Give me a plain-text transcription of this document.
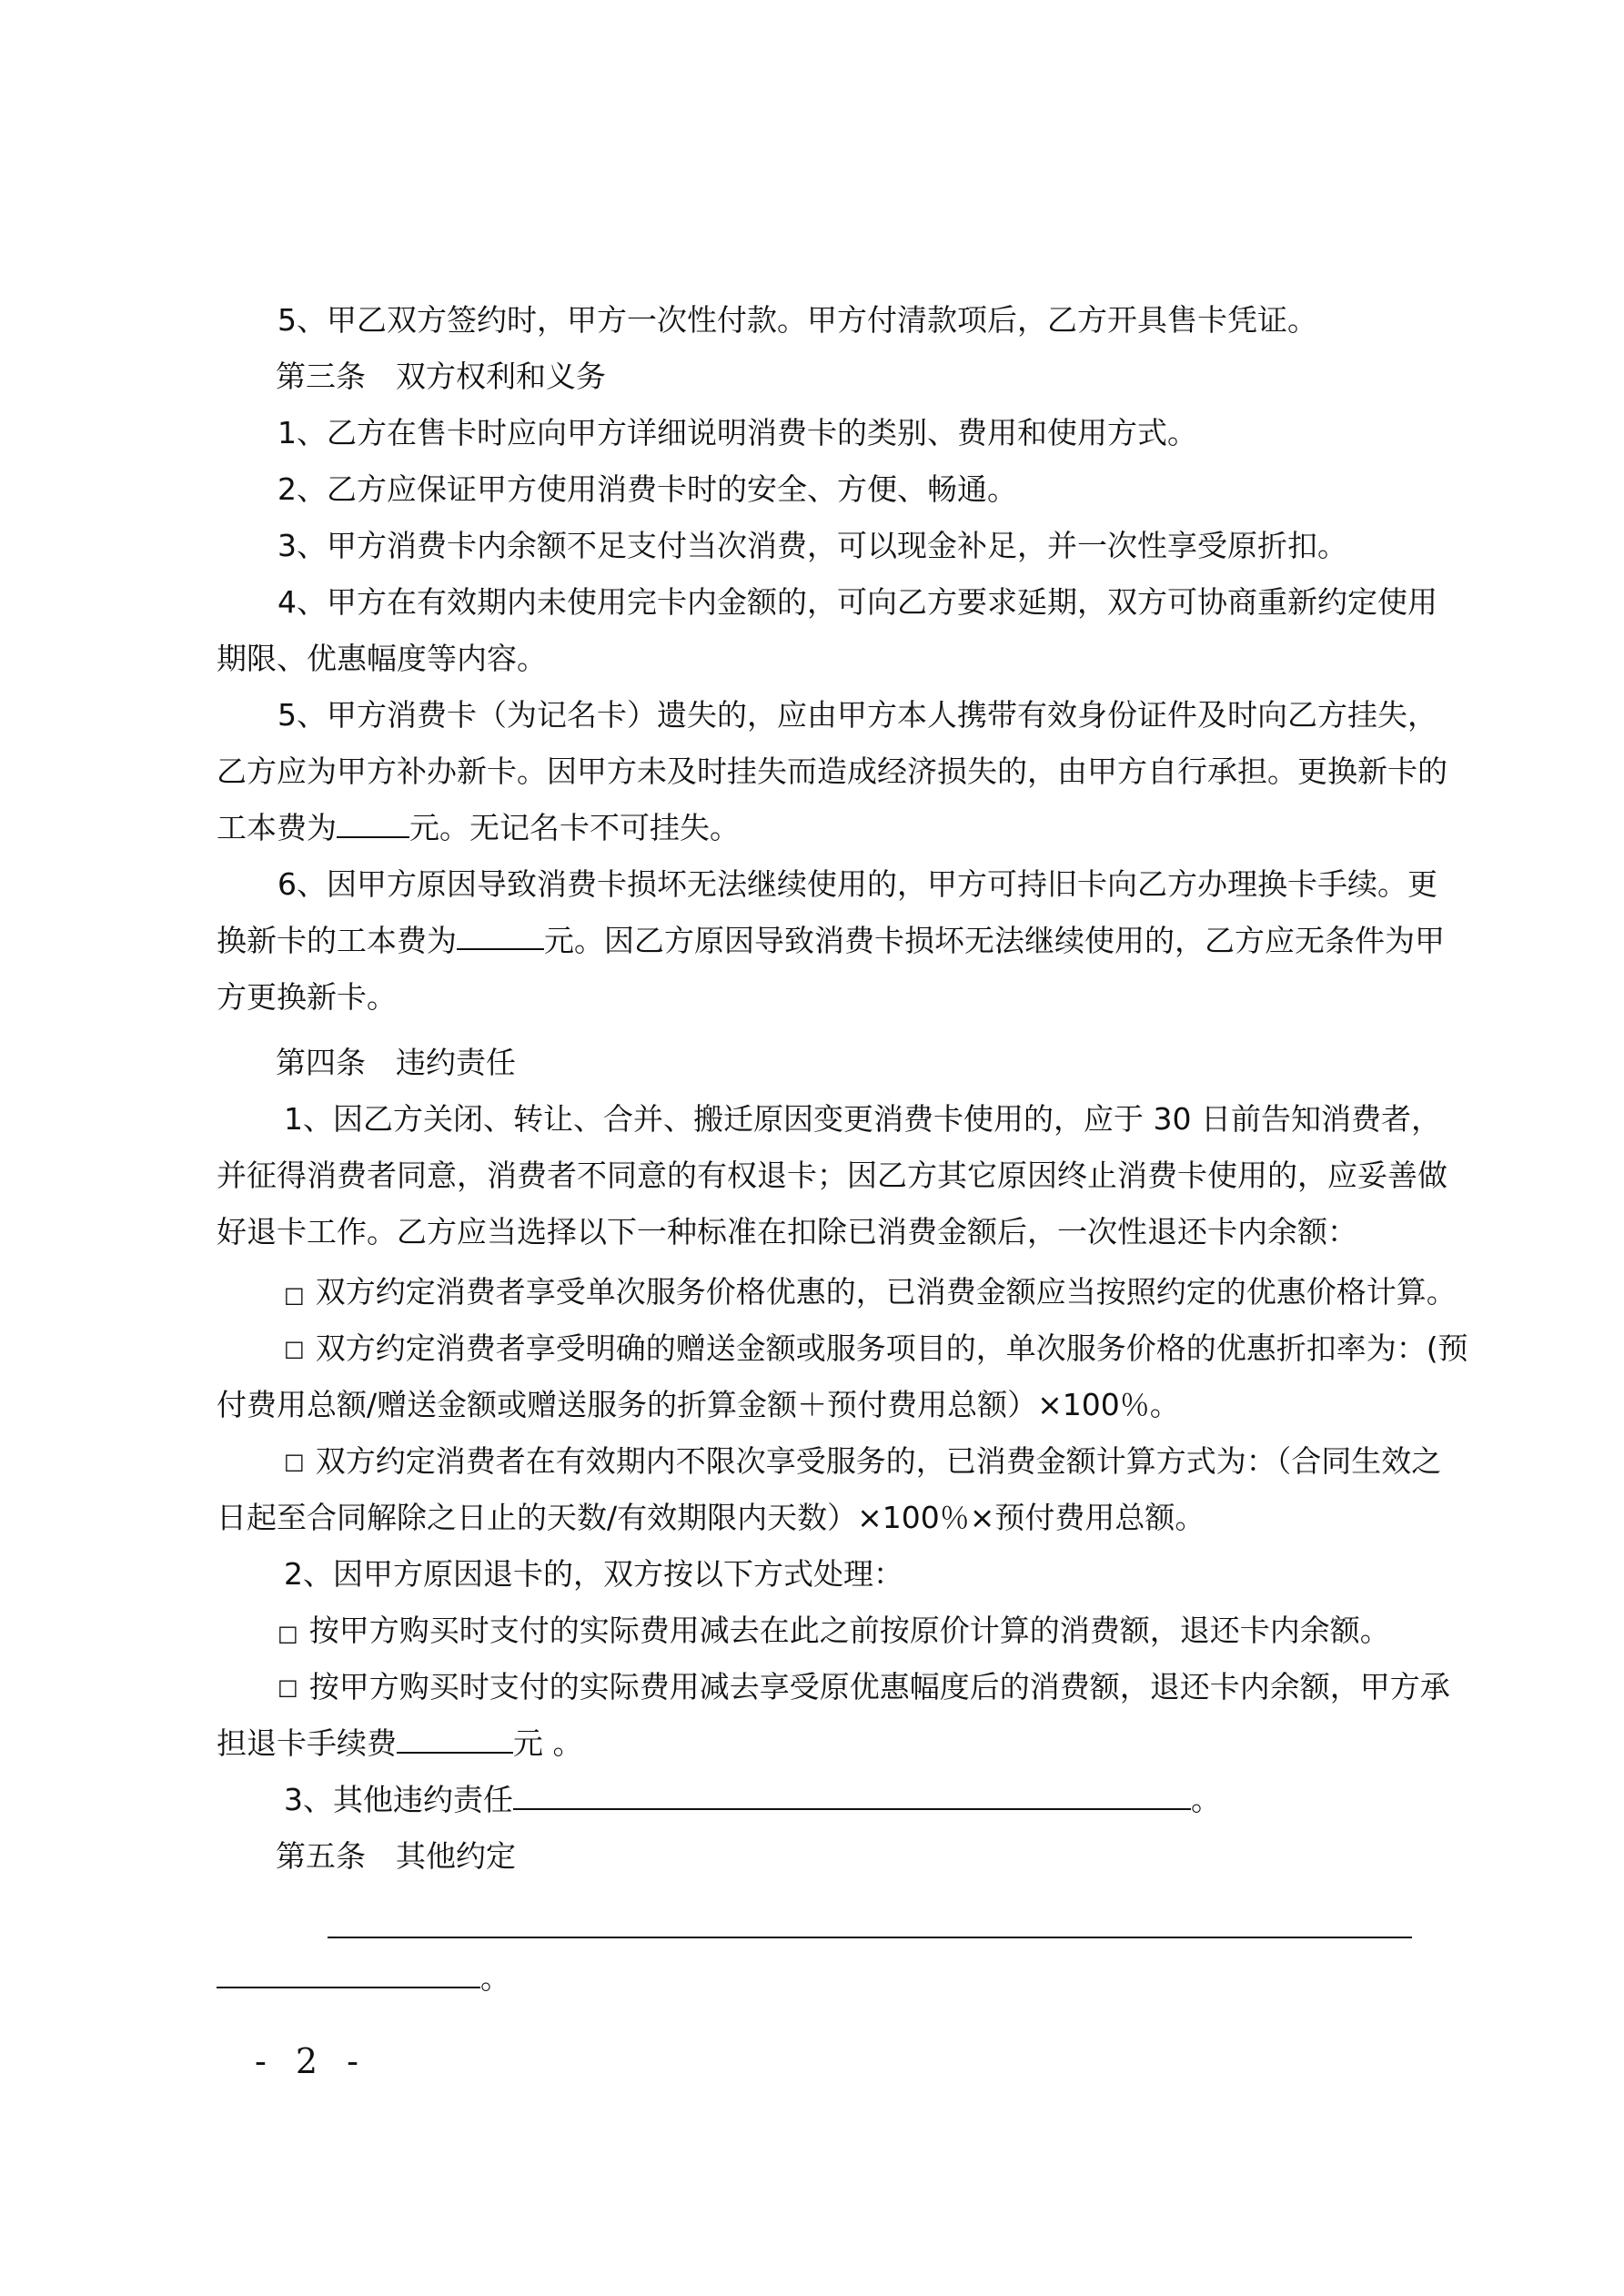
5、甲乙双方签约时，甲方一次性付款。甲方付清款项后，乙方开具售卡凭证。
第三条　双方权利和义务
1、乙方在售卡时应向甲方详细说明消费卡的类别、费用和使用方式。
2、乙方应保证甲方使用消费卡时的安全、方便、畅通。
3、甲方消费卡内余额不足支付当次消费，可以现金补足，并一次性享受原折扣。
4、甲方在有效期内未使用完卡内金额的，可向乙方要求延期，双方可协商重新约定使用
期限、优惠幅度等内容。
5、甲方消费卡（为记名卡）遗失的，应由甲方本人携带有效身份证件及时向乙方挂失，
乙方应为甲方补办新卡。因甲方未及时挂失而造成经济损失的，由甲方自行承担。更换新卡的
工本费为 元。无记名卡不可挂失。
6、因甲方原因导致消费卡损坏无法继续使用的，甲方可持旧卡向乙方办理换卡手续。更
换新卡的工本费为	元。因乙方原因导致消费卡损坏无法继续使用的，乙方应无条件为甲
方更换新卡。
第四条　违约责任
1、因乙方关闭、转让、合并、搬迁原因变更消费卡使用的，应于 30 日前告知消费者，
并征得消费者同意，消费者不同意的有权退卡；因乙方其它原因终止消费卡使用的，应妥善做
好退卡工作。乙方应当选择以下一种标准在扣除已消费金额后，一次性退还卡内余额：
□ 双方约定消费者享受单次服务价格优惠的，已消费金额应当按照约定的优惠价格计算。
□ 双方约定消费者享受明确的赠送金额或服务项目的，单次服务价格的优惠折扣率为：(预
付费用总额/赠送金额或赠送服务的折算金额＋预付费用总额）×100％。
□ 双方约定消费者在有效期内不限次享受服务的，已消费金额计算方式为：（合同生效之
日起至合同解除之日止的天数/有效期限内天数）×100％×预付费用总额。
2、因甲方原因退卡的，双方按以下方式处理：
□ 按甲方购买时支付的实际费用减去在此之前按原价计算的消费额，退还卡内余额。
□ 按甲方购买时支付的实际费用减去享受原优惠幅度后的消费额，退还卡内余额，甲方承
担退卡手续费	元 。
3、其他违约责任	。
第五条　其他约定
。
- 2 -
